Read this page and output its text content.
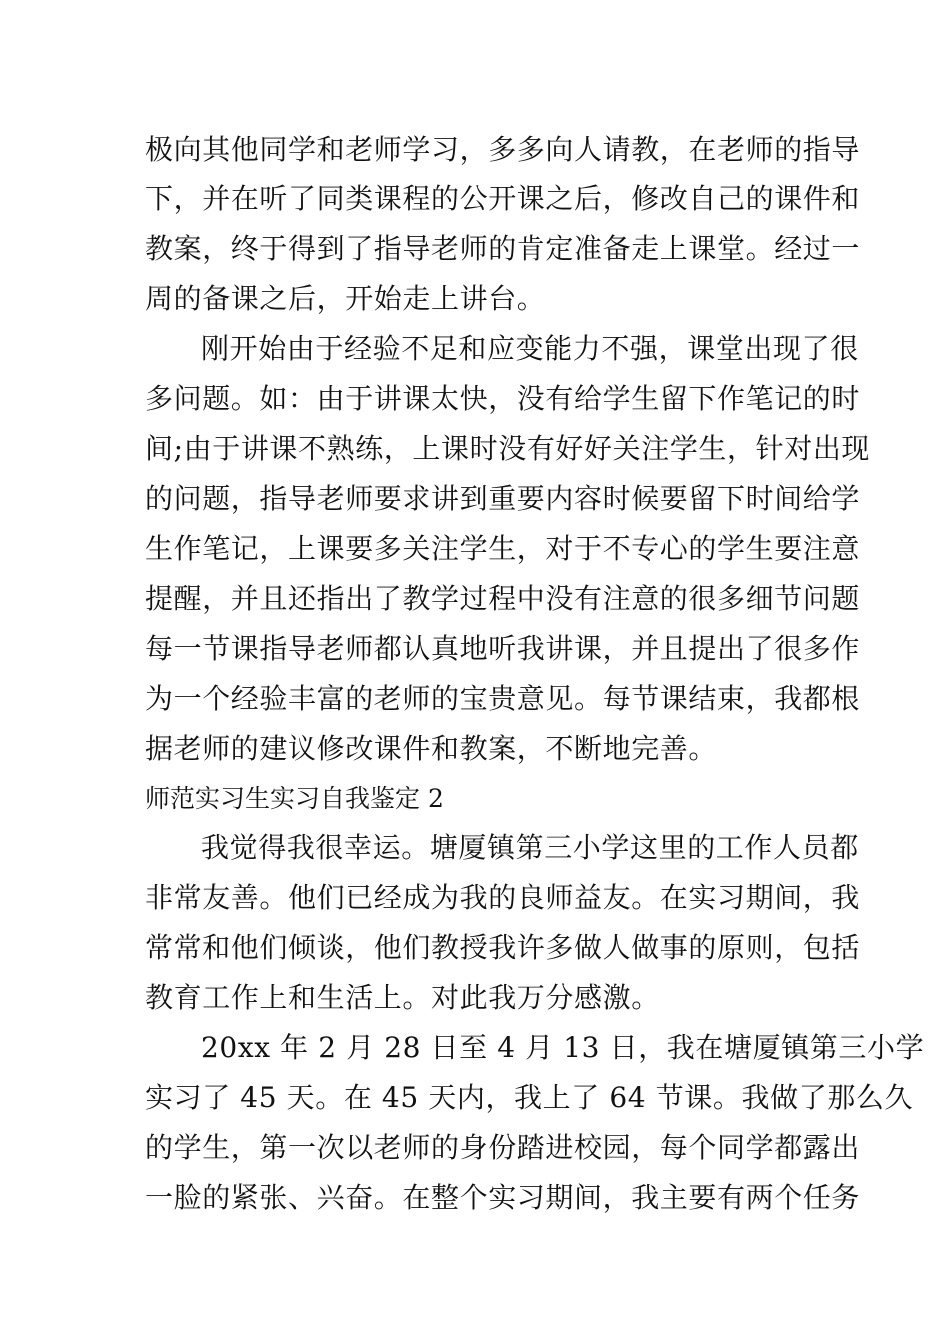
极向其他同学和老师学习，多多向人请教，在老师的指导
下，并在听了同类课程的公开课之后，修改自己的课件和
教案，终于得到了指导老师的肯定准备走上课堂。经过一
周的备课之后，开始走上讲台。
刚开始由于经验不足和应变能力不强，课堂出现了很
多问题。如：由于讲课太快，没有给学生留下作笔记的时
间;由于讲课不熟练，上课时没有好好关注学生，针对出现
的问题，指导老师要求讲到重要内容时候要留下时间给学
生作笔记，上课要多关注学生，对于不专心的学生要注意
提醒，并且还指出了教学过程中没有注意的很多细节问题
每一节课指导老师都认真地听我讲课，并且提出了很多作
为一个经验丰富的老师的宝贵意见。每节课结束，我都根
据老师的建议修改课件和教案，不断地完善。
师范实习生实习自我鉴定 2
我觉得我很幸运。塘厦镇第三小学这里的工作人员都
非常友善。他们已经成为我的良师益友。在实习期间，我
常常和他们倾谈，他们教授我许多做人做事的原则，包括
教育工作上和生活上。对此我万分感激。
20xx 年 2 月 28 日至 4 月 13 日，我在塘厦镇第三小学
实习了 45 天。在 45 天内，我上了 64 节课。我做了那么久
的学生，第一次以老师的身份踏进校园，每个同学都露出
一脸的紧张、兴奋。在整个实习期间，我主要有两个任务
